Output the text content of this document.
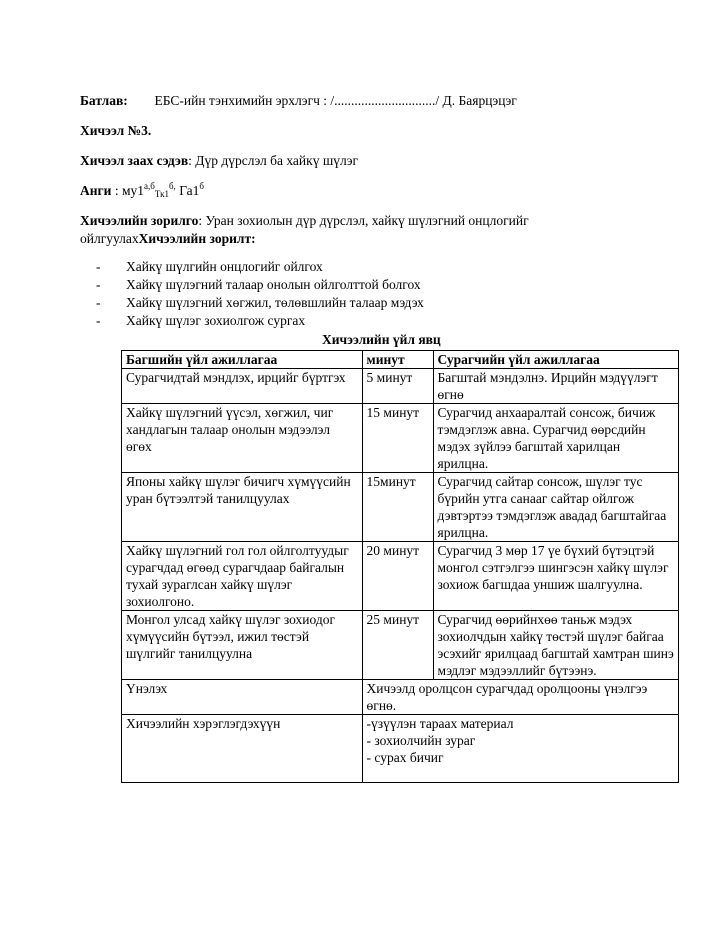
Батлав: ЕБС-ийн тэнхимийн эрхлэгч : /............................../ Д. Баярцэцэг
Хичээл №3.
Хичээл заах сэдэв: Дүр дүрслэл ба хайкү шүлэг
Анги : $му1^{а,б}_{Тк1}^{б,}$ $Га1^б$
Хичээлийн зорилго: Уран зохиолын дүр дүрслэл, хайкү шүлэгний онцлогийг ойлгуулахХичээлийн зорилт:
- Хайкү шүлгийн онцлогийг ойлгох
- Хайкү шүлэгний талаар онолын ойлголттой болгох
- Хайкү шүлэгний хөгжил, төлөвшлийн талаар мэдэх
- Хайкү шүлэг зохиолгож сургах
Хичээлийн үйл явц
Багшийн үйл ажиллагаа	минут	Сурагчийн үйл ажиллагаа
Сурагчидтай мэндлэх, ирцийг бүртгэх	5 минут	Багштай мэндэлнэ. Ирцийн мэдүүлэгт өгнө
Хайкү шүлэгний үүсэл, хөгжил, чиг хандлагын талаар онолын мэдээлэл өгөх	15 минут	Сурагчид анхааралтай сонсож, бичиж тэмдэглэж авна. Сурагчид өөрсдийн мэдэх зүйлээ багштай харилцан ярилцна.
Японы хайкү шүлэг бичигч хүмүүсийн уран бүтээлтэй танилцуулах	15минут	Сурагчид сайтар сонсож, шүлэг тус бүрийн утга санааг сайтар ойлгож дэвтэртээ тэмдэглэж авадад багштайгаа ярилцна.
Хайкү шүлэгний гол гол ойлголтуудыг сурагчдад өгөөд сурагчдаар байгалын тухай зураглсан хайкү шүлэг зохиолгоно.	20 минут	Сурагчид 3 мөр 17 үе бүхий бүтэцтэй монгол сэтгэлгээ шингэсэн хайкү шүлэг зохиож багшдаа уншиж шалгуулна.
Монгол улсад хайкү шүлэг зохиодог хүмүүсийн бүтээл, ижил төстэй шүлгийг танилцуулна	25 минут	Сурагчид өөрийнхөө таньж мэдэх зохиолчдын хайкү төстэй шүлэг байгаа эсэхийг ярилцаад багштай хамтран шинэ мэдлэг мэдээллийг бүтээнэ.
Үнэлэх	Хичээлд оролцсон сурагчдад оролцооны үнэлгээ өгнө.	
Хичээлийн хэрэглэгдэхүүн	-үзүүлэн тараах материал
- зохиолчийн зураг
- сурах бичиг	
